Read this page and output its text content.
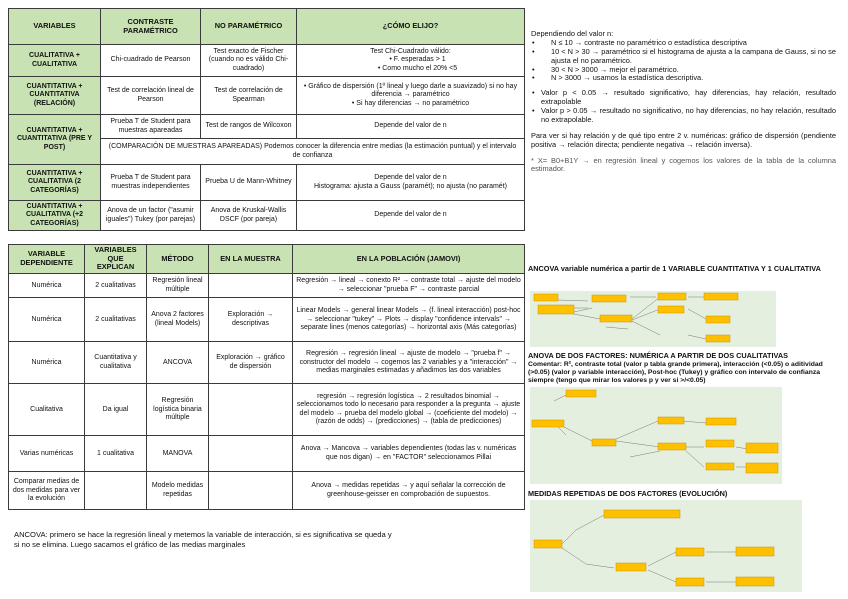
VARIABLES	CONTRASTE PARAMÉTRICO	NO PARAMÉTRICO	¿CÓMO ELIJO?
CUALITATIVA + CUALITATIVA	Chi-cuadrado de Pearson	Test exacto de Fischer (cuando no es válido Chi-cuadrado)	Test Chi-Cuadrado válido:
• F. esperadas > 1
• Como mucho el 20% <5

CUANTITATIVA + CUANTITATIVA (RELACIÓN)	Test de correlación lineal de Pearson	Test de correlación de Spearman	• Gráfico de dispersión (1º lineal y luego darle a suavizado) si no hay diferencia → paramétrico
• Si hay diferencias → no paramétrico

CUANTITATIVA + CUANTITATIVA (PRE Y POST)	Prueba T de Student para muestras apareadas	Test de rangos de Wilcoxon	Depende del valor de n
	(COMPARACIÓN DE MUESTRAS APAREADAS) Podemos conocer la diferencia entre medias (la estimación puntual) y el intervalo de confianza		
CUANTITATIVA + CUALITATIVA (2 CATEGORÍAS)	Prueba T de Student para muestras independientes	Prueba U de Mann-Whitney	Depende del valor de n
Histograma: ajusta a Gauss (paramét); no ajusta (no paramét)

CUANTITATIVA + CUALITATIVA (+2 CATEGORÍAS)	Anova de un factor ("asumir iguales") Tukey (por parejas)	Anova de Kruskal-Wallis DSCF (por pareja)	Depende del valor de n
VARIABLE DEPENDIENTE	VARIABLES QUE EXPLICAN	MÉTODO	EN LA MUESTRA	EN LA POBLACIÓN (JAMOVI)
Numérica	2 cualitativas	Regresión lineal múltiple		Regresión → lineal → conexto R² → contraste total → ajuste del modelo → seleccionar "prueba F" → contraste parcial
Numérica	2 cualitativas	Anova 2 factores (lineal Models)	Exploración → descriptivas	Linear Models → general linear Models → (f. lineal interacción) post-hoc → seleccionar "tukey" → Plots → display "confidence intervals" → separate lines (menos categorías) → horizontal axis (Más categorías)
Numérica	Cuantitativa y cualitativa	ANCOVA	Exploración → gráfico de dispersión	Regresión → regresión lineal → ajuste de modelo → "prueba f" → constructor del modelo → cogemos las 2 variables y a "interacción" → medias marginales estimadas y añadimos las dos variables
Cualitativa	Da igual	Regresión logística binaria múltiple		regresión → regresión logística → 2 resultados binomial → seleccionamos todo lo necesario para responder a la pregunta → ajuste del modelo → prueba del modelo global → (coeficiente del modelo) → (razón de odds) → (predicciones) → (tabla de predicciones)
Varias numéricas	1 cualitativa	MANOVA		Anova → Mancova → variables dependientes (todas las v. numéricas que nos digan) → en "FACTOR" seleccionamos Pillai
Comparar medias de dos medidas para ver la evolución		Modelo medidas repetidas		Anova → medidas repetidas → y aquí señalar la corrección de greenhouse-geisser en comprobación de supuestos.
ANCOVA: primero se hace la regresión lineal y metemos la variable de interacción, si es significativa se queda y si no se elimina. Luego sacamos el gráfico de las medias marginales
Dependiendo del valor n:
• N ≤ 10 → contraste no paramétrico o estadística descriptiva
• 10 < N > 30 → paramétrico si el histograma de ajusta a la campana de Gauss, si no se ajusta el no paramétrico.
• 30 < N > 3000 → mejor el paramétrico.
• N > 3000 → usamos la estadística descriptiva.
• Valor p < 0.05 → resultado significativo, hay diferencias, hay relación, resultado extrapolable
• Valor p > 0.05 → resultado no significativo, no hay diferencias, no hay relación, resultado no extrapolable.
Para ver si hay relación y de qué tipo entre 2 v. numéricas: gráfico de dispersión (pendiente positiva → relación directa; pendiente negativa → relación inversa).
* X= B0+B1Y → en regresión lineal y cogemos los valores de la tabla de la columna estimador.
ANCOVA variable numérica a partir de 1 VARIABLE CUANTITATIVA Y 1 CUALITATIVA
ANOVA DE DOS FACTORES: NUMÉRICA A PARTIR DE DOS CUALITATIVAS
Comentar: R², contraste total (valor p tabla grande primera), interacción (<0.05) o aditividad (>0.05) (valor p variable interacción), Post-hoc (Tukey) y gráfico con intervalo de confianza siempre (tengo que mirar los valores p y ver si >/<0.05)
MEDIDAS REPETIDAS DE DOS FACTORES (EVOLUCIÓN)
